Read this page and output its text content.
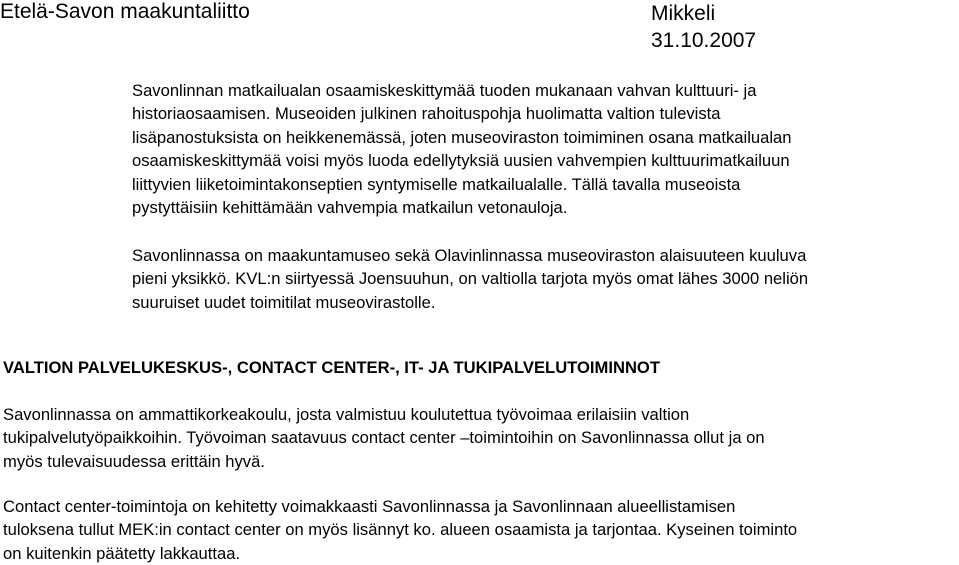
Etelä-Savon maakuntaliitto	Mikkeli
31.10.2007
Savonlinnan matkailualan osaamiskeskittymää tuoden mukanaan vahvan kulttuuri- ja
historiaosaamisen. Museoiden julkinen rahoituspohja huolimatta valtion tulevista
lisäpanostuksista on heikkenemässä, joten museoviraston toimiminen osana matkailualan
osaamiskeskittymää voisi myös luoda edellytyksiä uusien vahvempien kulttuurimatkailuun
liittyvien liiketoimintakonseptien syntymiselle matkailualalle. Tällä tavalla museoista
pystyttäisiin kehittämään vahvempia matkailun vetonauloja.
Savonlinnassa on maakuntamuseo sekä Olavinlinnassa museoviraston alaisuuteen kuuluva
pieni yksikkö. KVL:n siirtyessä Joensuuhun, on valtiolla tarjota myös omat lähes 3000 neliön
suuruiset uudet toimitilat museovirastolle.
VALTION PALVELUKESKUS-, CONTACT CENTER-, IT- JA TUKIPALVELUTOIMINNOT
Savonlinnassa on ammattikorkeakoulu, josta valmistuu koulutettua työvoimaa erilaisiin valtion
tukipalvelutyöpaikkoihin. Työvoiman saatavuus contact center –toimintoihin on Savonlinnassa ollut ja on
myös tulevaisuudessa erittäin hyvä.
Contact center-toimintoja on kehitetty voimakkaasti Savonlinnassa ja Savonlinnaan alueellistamisen
tuloksena tullut MEK:in contact center on myös lisännyt ko. alueen osaamista ja tarjontaa. Kyseinen toiminto
on kuitenkin päätetty lakkauttaa.
